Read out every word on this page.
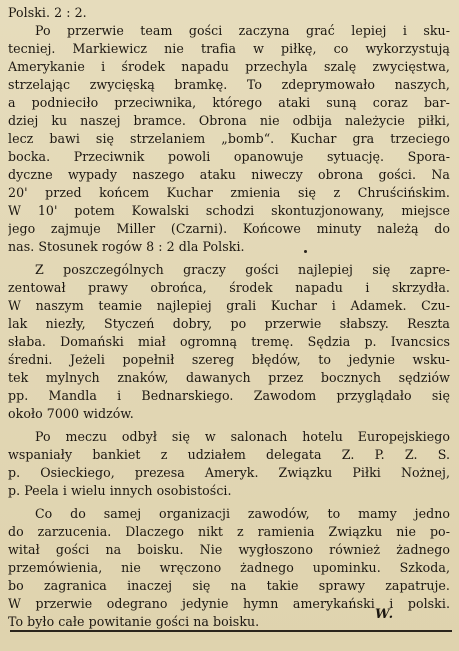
Polski. 2 : 2.
Po przerwie team gości zaczyna grać lepiej i sku-
tecniej. Markiewicz nie trafia w piłkę, co wykorzystują
Amerykanie i środek napadu przechyla szalę zwycięstwa,
strzelając zwycięską bramkę. To zdeprymowało naszych,
a podnieciło przeciwnika, którego ataki suną coraz bar-
dziej ku naszej bramce. Obrona nie odbija należycie piłki,
lecz bawi się strzelaniem „bomb“. Kuchar gra trzeciego
bocka. Przeciwnik powoli opanowuje sytuację. Spora-
dyczne wypady naszego ataku niweczy obrona gości. Na
20' przed końcem Kuchar zmienia się z Chruścińskim.
W 10' potem Kowalski schodzi skontuzjonowany, miejsce
jego zajmuje Miller (Czarni). Końcowe minuty należą do
nas. Stosunek rogów 8 : 2 dla Polski.
Z poszczególnych graczy gości najlepiej się zapre-
zentował prawy obrońca, środek napadu i skrzydła.
W naszym teamie najlepiej grali Kuchar i Adamek. Czu-
lak niezły, Styczeń dobry, po przerwie słabszy. Reszta
słaba. Domański miał ogromną tremę. Sędzia p. Ivancsics
średni. Jeżeli popełnił szereg błędów, to jedynie wsku-
tek mylnych znaków, dawanych przez bocznych sędziów
pp. Mandla i Bednarskiego. Zawodom przyglądało się
około 7000 widzów.
Po meczu odbył się w salonach hotelu Europejskiego
wspaniały bankiet z udziałem delegata Z. P. Z. S.
p. Osieckiego, prezesa Ameryk. Związku Piłki Nożnej,
p. Peela i wielu innych osobistości.
Co do samej organizacji zawodów, to mamy jedno
do zarzucenia. Dlaczego nikt z ramienia Związku nie po-
witał gości na boisku. Nie wygłoszono również żadnego
przemówienia, nie wręczono żadnego upominku. Szkoda,
bo zagranica inaczej się na takie sprawy zapatruje.
W przerwie odegrano jedynie hymn amerykański i polski.
To było całe powitanie gości na boisku.	W.
